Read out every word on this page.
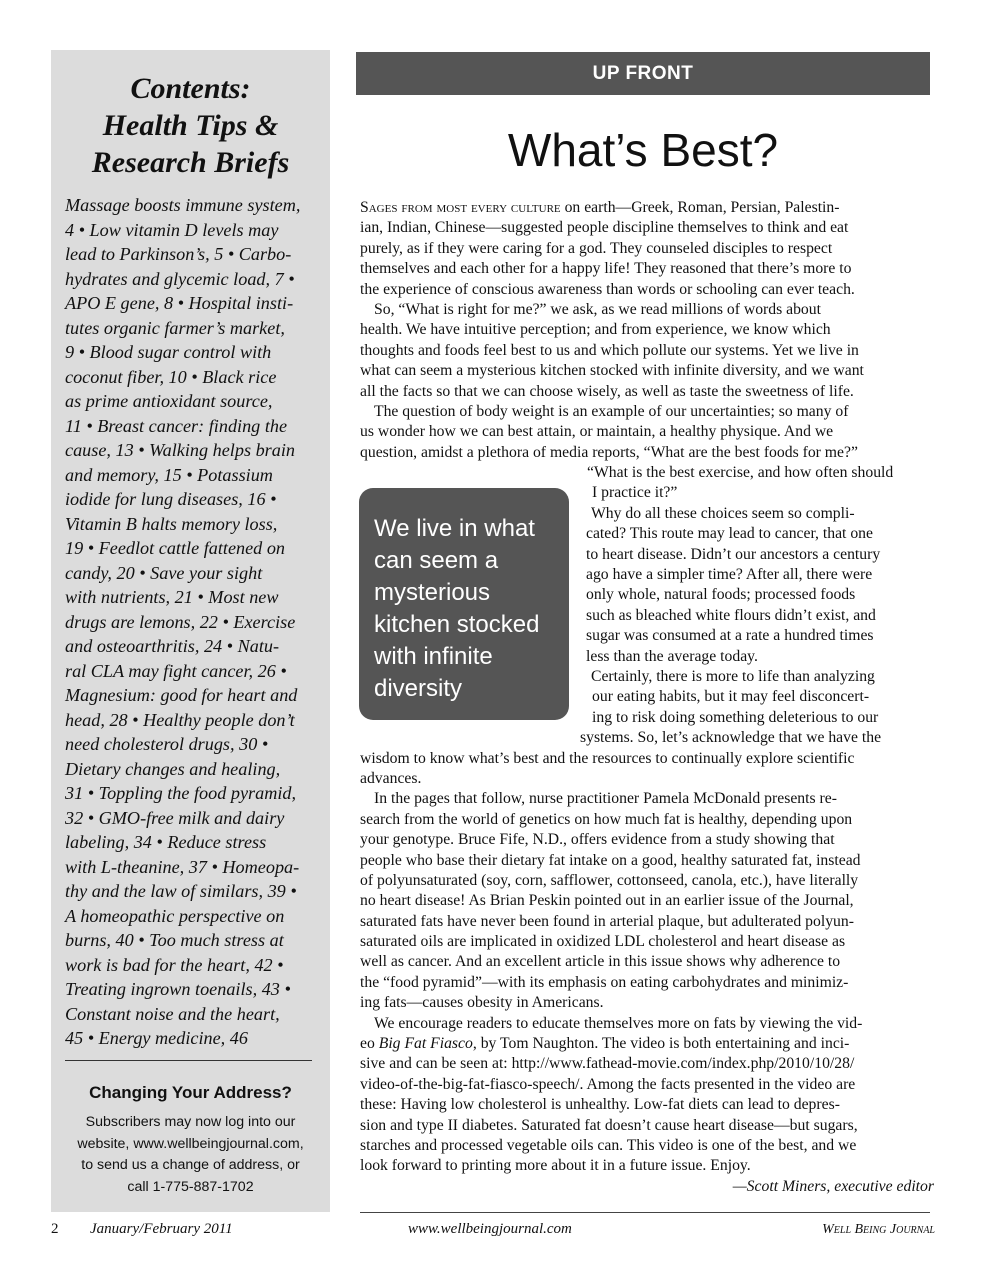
Contents:
Health Tips &
Research Briefs
Massage boosts immune system,
4 • Low vitamin D levels may
lead to Parkinson’s, 5 • Carbo-
hydrates and glycemic load, 7 •
APO E gene, 8 • Hospital insti-
tutes organic farmer’s market,
9 • Blood sugar control with
coconut fiber, 10 • Black rice
as prime antioxidant source,
11 • Breast cancer: finding the
cause, 13 • Walking helps brain
and memory, 15 • Potassium
iodide for lung diseases, 16 •
Vitamin B halts memory loss,
19 • Feedlot cattle fattened on
candy, 20 • Save your sight
with nutrients, 21 • Most new
drugs are lemons, 22 • Exercise
and osteoarthritis, 24 • Natu-
ral CLA may fight cancer, 26 •
Magnesium: good for heart and
head, 28 • Healthy people don’t
need cholesterol drugs, 30 •
Dietary changes and healing,
31 • Toppling the food pyramid,
32 • GMO-free milk and dairy
labeling, 34 • Reduce stress
with L-theanine, 37 • Homeopa-
thy and the law of similars, 39 •
A homeopathic perspective on
burns, 40 • Too much stress at
work is bad for the heart, 42 •
Treating ingrown toenails, 43 •
Constant noise and the heart,
45 • Energy medicine, 46
Changing Your Address?
Subscribers may now log into our
website, www.wellbeingjournal.com,
to send us a change of address, or
call 1-775-887-1702
UP FRONT
What’s Best?
Sages from most every culture on earth—Greek, Roman, Persian, Palestin-
ian, Indian, Chinese—suggested people discipline themselves to think and eat
purely, as if they were caring for a god. They counseled disciples to respect
themselves and each other for a happy life! They reasoned that there’s more to
the experience of conscious awareness than words or schooling can ever teach.
So, “What is right for me?” we ask, as we read millions of words about
health. We have intuitive perception; and from experience, we know which
thoughts and foods feel best to us and which pollute our systems. Yet we live in
what can seem a mysterious kitchen stocked with infinite diversity, and we want
all the facts so that we can choose wisely, as well as taste the sweetness of life.
The question of body weight is an example of our uncertainties; so many of
us wonder how we can best attain, or maintain, a healthy physique. And we
question, amidst a plethora of media reports, “What are the best foods for me?”
“What is the best exercise, and how often should
I practice it?”
Why do all these choices seem so compli-
cated? This route may lead to cancer, that one
to heart disease. Didn’t our ancestors a century
ago have a simpler time? After all, there were
only whole, natural foods; processed foods
such as bleached white flours didn’t exist, and
sugar was consumed at a rate a hundred times
less than the average today.
Certainly, there is more to life than analyzing
our eating habits, but it may feel disconcert-
ing to risk doing something deleterious to our
systems. So, let’s acknowledge that we have the
wisdom to know what’s best and the resources to continually explore scientific
advances.
In the pages that follow, nurse practitioner Pamela McDonald presents re-
search from the world of genetics on how much fat is healthy, depending upon
your genotype. Bruce Fife, N.D., offers evidence from a study showing that
people who base their dietary fat intake on a good, healthy saturated fat, instead
of polyunsaturated (soy, corn, safflower, cottonseed, canola, etc.), have literally
no heart disease! As Brian Peskin pointed out in an earlier issue of the Journal,
saturated fats have never been found in arterial plaque, but adulterated polyun-
saturated oils are implicated in oxidized LDL cholesterol and heart disease as
well as cancer. And an excellent article in this issue shows why adherence to
the “food pyramid”—with its emphasis on eating carbohydrates and minimiz-
ing fats—causes obesity in Americans.
We encourage readers to educate themselves more on fats by viewing the vid-
eo Big Fat Fiasco, by Tom Naughton. The video is both entertaining and inci-
sive and can be seen at: http://www.fathead-movie.com/index.php/2010/10/28/
video-of-the-big-fat-fiasco-speech/. Among the facts presented in the video are
these: Having low cholesterol is unhealthy. Low-fat diets can lead to depres-
sion and type II diabetes. Saturated fat doesn’t cause heart disease—but sugars,
starches and processed vegetable oils can. This video is one of the best, and we
look forward to printing more about it in a future issue. Enjoy.
—Scott Miners, executive editor
We live in what
can seem a
mysterious
kitchen stocked
with infinite
diversity
2 January/February 2011	www.wellbeingjournal.com	Well Being Journal
